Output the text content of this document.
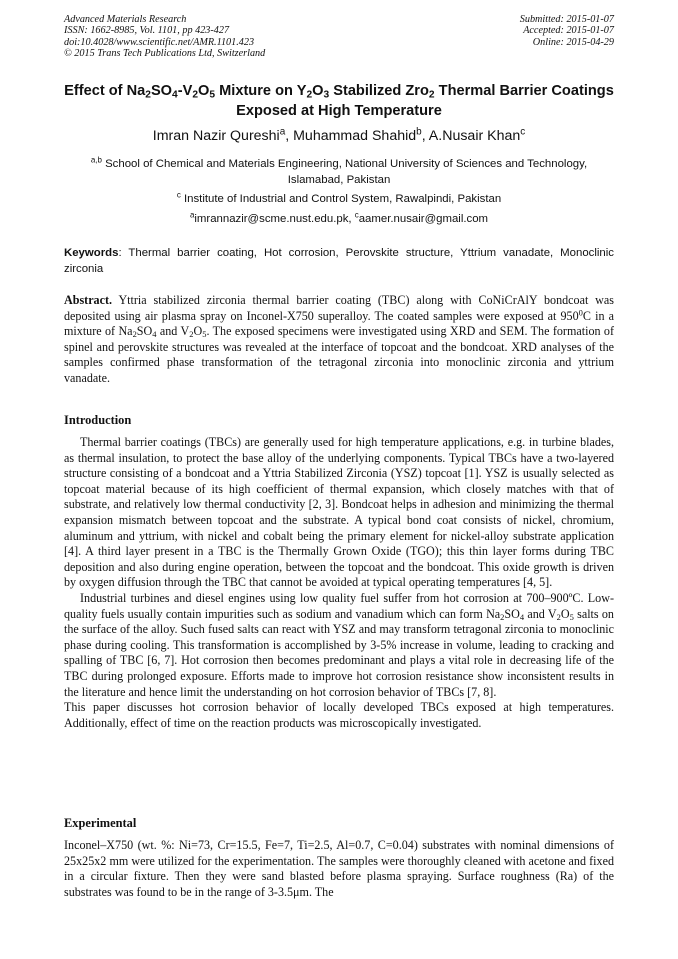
Advanced Materials Research
ISSN: 1662-8985, Vol. 1101, pp 423-427
doi:10.4028/www.scientific.net/AMR.1101.423
© 2015 Trans Tech Publications Ltd, Switzerland
Submitted: 2015-01-07
Accepted: 2015-01-07
Online: 2015-04-29
Effect of $Na_2SO_4-V_2O_5$ Mixture on $Y_2O_3$ Stabilized Zro$_2$ Thermal Barrier Coatings Exposed at High Temperature
Imran Nazir Qureshi$^a$, Muhammad Shahid$^b$, A.Nusair Khan$^c$
$^{a,b}$ School of Chemical and Materials Engineering, National University of Sciences and Technology, Islamabad, Pakistan
$^c$ Institute of Industrial and Control System, Rawalpindi, Pakistan
$^a$imrannazir@scme.nust.edu.pk, $^c$aamer.nusair@gmail.com
Keywords: Thermal barrier coating, Hot corrosion, Perovskite structure, Yttrium vanadate, Monoclinic zirconia
Abstract. Yttria stabilized zirconia thermal barrier coating (TBC) along with CoNiCrAlY bondcoat was deposited using air plasma spray on Inconel-X750 superalloy. The coated samples were exposed at $950^0C$ in a mixture of $Na_2SO_4$ and $V_2O_5$. The exposed specimens were investigated using XRD and SEM. The formation of spinel and perovskite structures was revealed at the interface of topcoat and the bondcoat. XRD analyses of the samples confirmed phase transformation of the tetragonal zirconia into monoclinic zirconia and yttrium vanadate.
Introduction

Thermal barrier coatings (TBCs) are generally used for high temperature applications, e.g. in turbine blades, as thermal insulation, to protect the base alloy of the underlying components. Typical TBCs have a two-layered structure consisting of a bondcoat and a Yttria Stabilized Zirconia (YSZ) topcoat [1]. YSZ is usually selected as topcoat material because of its high coefficient of thermal expansion, which closely matches with that of substrate, and relatively low thermal conductivity [2, 3]. Bondcoat helps in adhesion and minimizing the thermal expansion mismatch between topcoat and the substrate. A typical bond coat consists of nickel, chromium, aluminum and yttrium, with nickel and cobalt being the primary element for nickel-alloy substrate application [4]. A third layer present in a TBC is the Thermally Grown Oxide (TGO); this thin layer forms during TBC deposition and also during engine operation, between the topcoat and the bondcoat. This oxide growth is driven by oxygen diffusion through the TBC that cannot be avoided at typical operating temperatures [4, 5].

Industrial turbines and diesel engines using low quality fuel suffer from hot corrosion at 700–900ºC. Low-quality fuels usually contain impurities such as sodium and vanadium which can form $Na_2SO_4$ and $V_2O_5$ salts on the surface of the alloy. Such fused salts can react with YSZ and may transform tetragonal zirconia to monoclinic phase during cooling. This transformation is accomplished by 3-5% increase in volume, leading to cracking and spalling of TBC [6, 7]. Hot corrosion then becomes predominant and plays a vital role in decreasing life of the TBC during prolonged exposure. Efforts made to improve hot corrosion resistance show inconsistent results in the literature and hence limit the understanding on hot corrosion behavior of TBCs [7, 8].

This paper discusses hot corrosion behavior of locally developed TBCs exposed at high temperatures. Additionally, effect of time on the reaction products was microscopically investigated.

Experimental

Inconel–X750 (wt. %: Ni=73, Cr=15.5, Fe=7, Ti=2.5, Al=0.7, C=0.04) substrates with nominal dimensions of 25x25x2 mm were utilized for the experimentation. The samples were thoroughly cleaned with acetone and fixed in a circular fixture. Then they were sand blasted before plasma spraying. Surface roughness (Ra) of the substrates was found to be in the range of 3-3.5μm. The
